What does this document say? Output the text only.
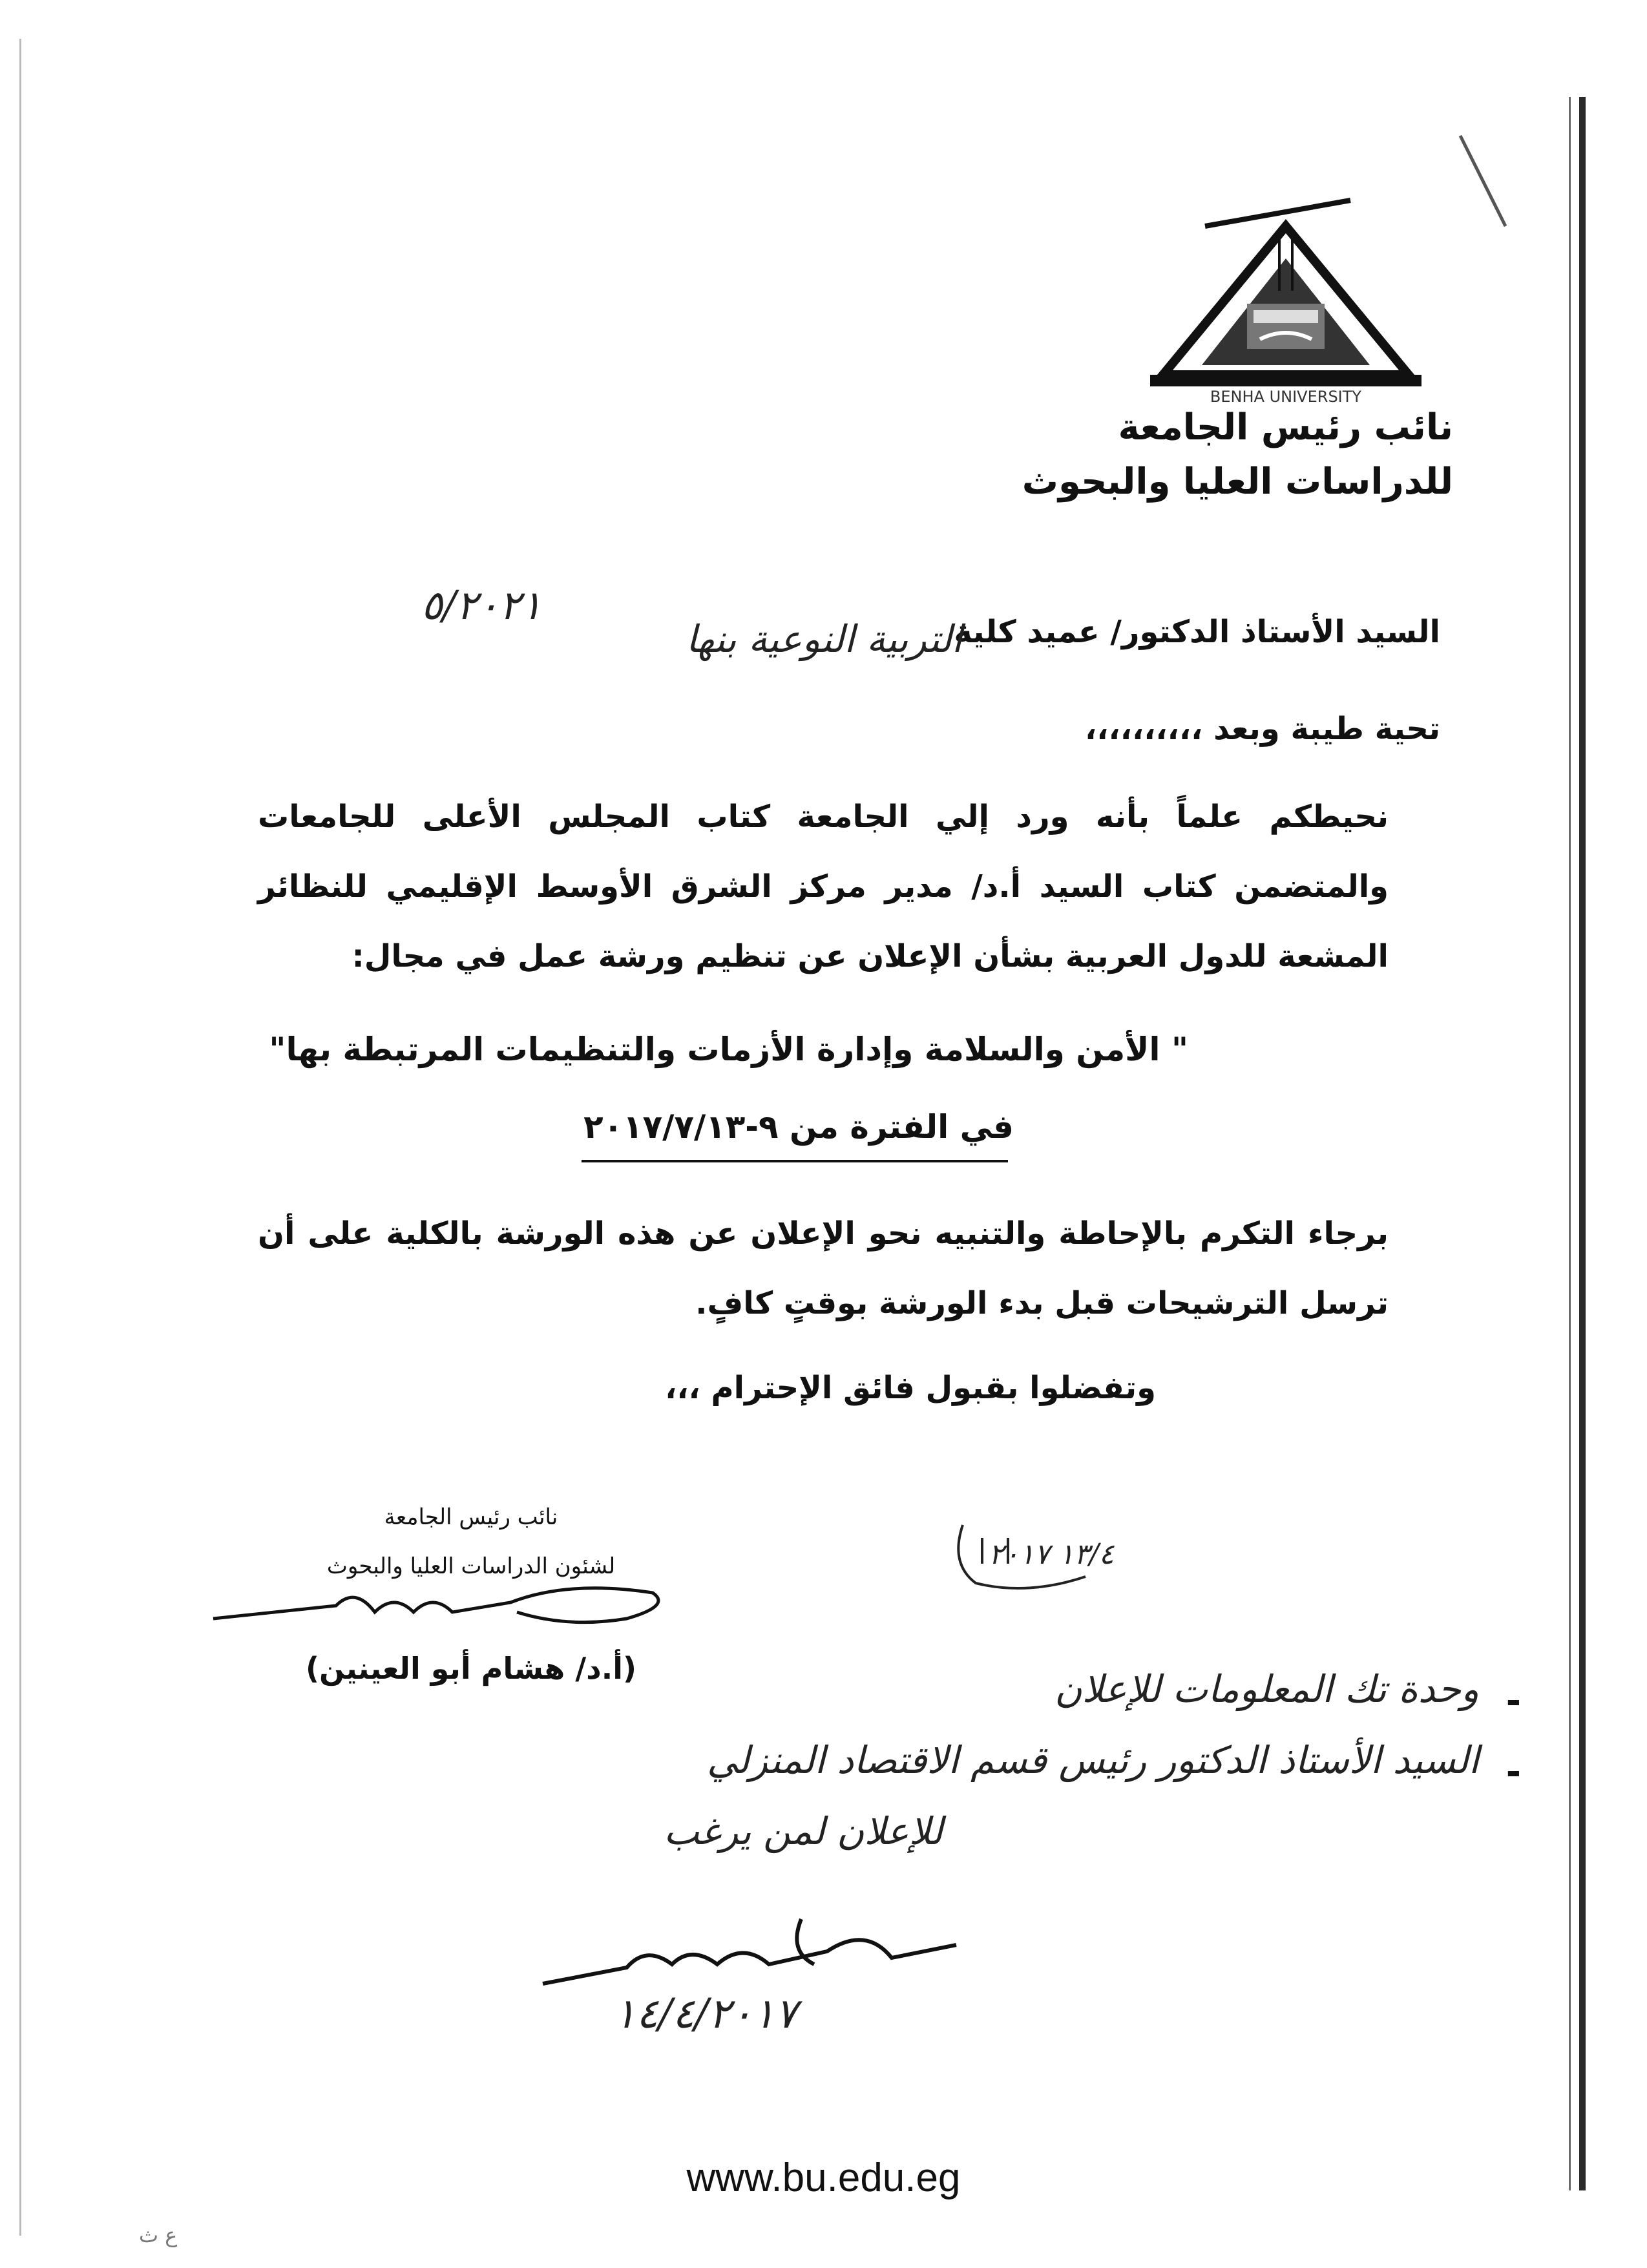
BENHA UNIVERSITY
نائب رئيس الجامعة
للدراسات العليا والبحوث
السيد الأستاذ الدكتور/ عميد كلية
التربية النوعية بنها
٥/٢٠٢١
تحية طيبة وبعد ،،،،،،،،،،
نحيطكم علماً بأنه ورد إلي الجامعة كتاب المجلس الأعلى للجامعات والمتضمن كتاب السيد أ.د/ مدير مركز الشرق الأوسط الإقليمي للنظائر المشعة للدول العربية بشأن الإعلان عن تنظيم ورشة عمل في مجال:
" الأمن والسلامة وإدارة الأزمات والتنظيمات المرتبطة بها"
في الفترة من ٩-٢٠١٧/٧/١٣
برجاء التكرم بالإحاطة والتنبيه نحو الإعلان عن هذه الورشة بالكلية على أن ترسل الترشيحات قبل بدء الورشة بوقتٍ كافٍ.
وتفضلوا بقبول فائق الإحترام ،،،
نائب رئيس الجامعة
لشئون الدراسات العليا والبحوث
(أ.د/ هشام أبو العينين)
١٣/٤ ٢٠١٧
-
وحدة تك المعلومات للإعلان
-
السيد الأستاذ الدكتور رئيس قسم الاقتصاد المنزلي
للإعلان لمن يرغب
١٤/٤/٢٠١٧
www.bu.edu.eg
ع ث
